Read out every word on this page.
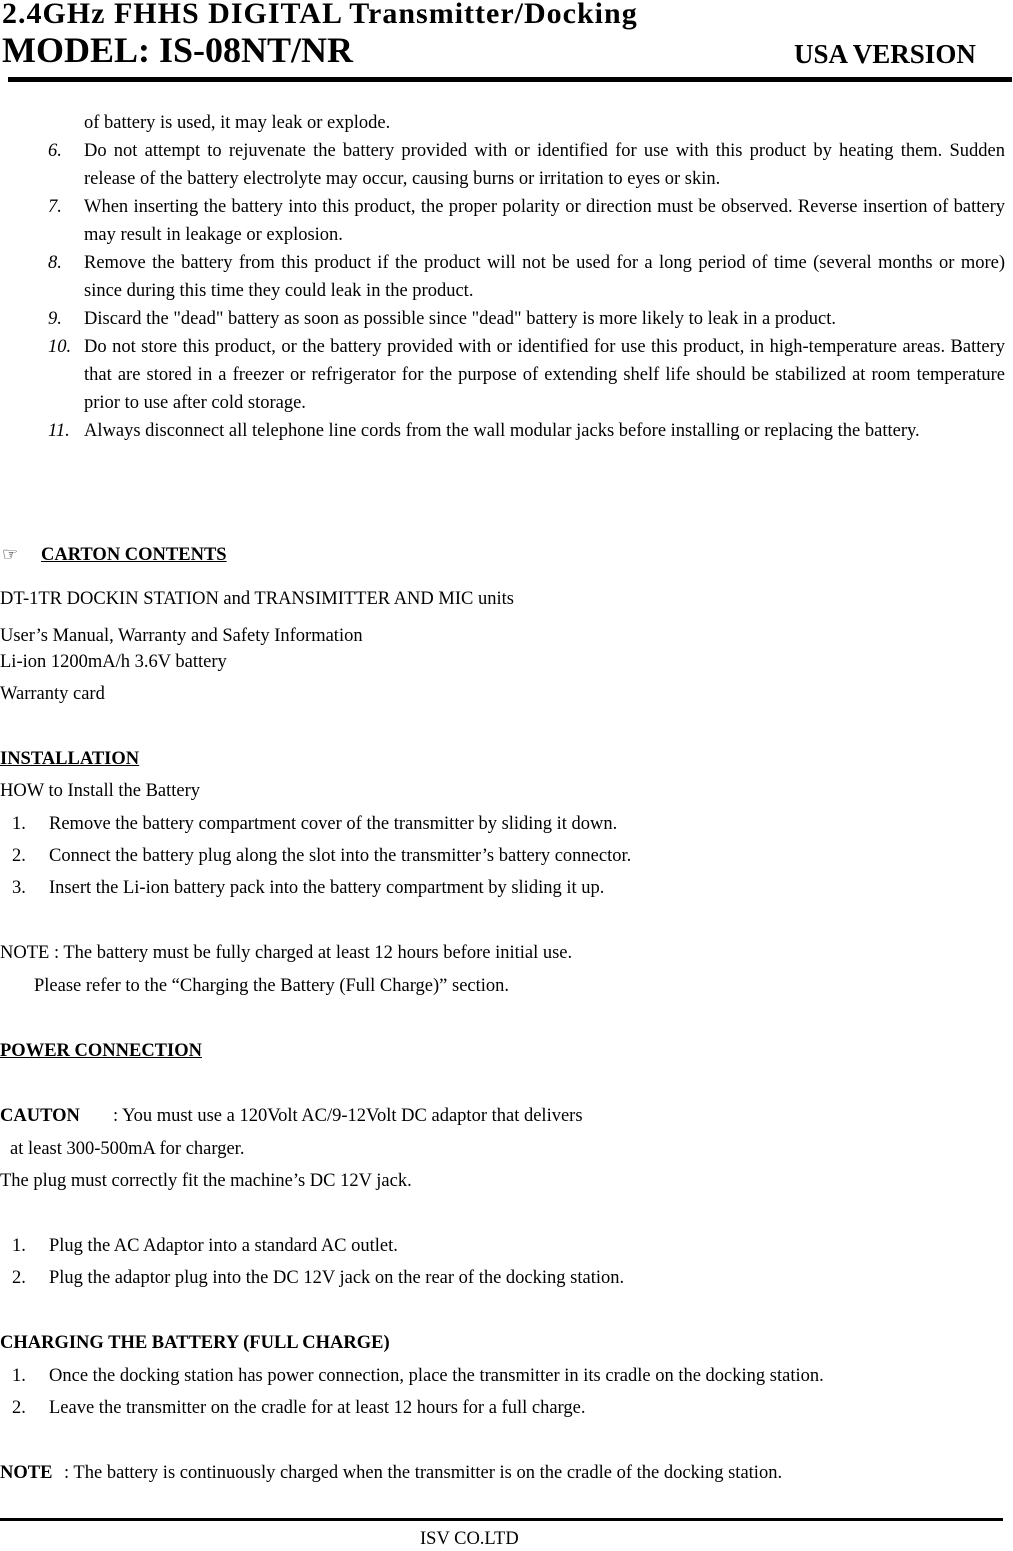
2.4GHz FHHS DIGITAL Transmitter/Docking
MODEL: IS-08NT/NR	USA VERSION
of battery is used, it may leak or explode.
6. Do not attempt to rejuvenate the battery provided with or identified for use with this product by heating them. Sudden release of the battery electrolyte may occur, causing burns or irritation to eyes or skin.
7. When inserting the battery into this product, the proper polarity or direction must be observed. Reverse insertion of battery may result in leakage or explosion.
8. Remove the battery from this product if the product will not be used for a long period of time (several months or more) since during this time they could leak in the product.
9. Discard the "dead" battery as soon as possible since "dead" battery is more likely to leak in a product.
10. Do not store this product, or the battery provided with or identified for use this product, in high-temperature areas. Battery that are stored in a freezer or refrigerator for the purpose of extending shelf life should be stabilized at room temperature prior to use after cold storage.
11. Always disconnect all telephone line cords from the wall modular jacks before installing or replacing the battery.
☞ CARTON CONTENTS
DT-1TR DOCKIN STATION and TRANSIMITTER AND MIC units
User’s Manual, Warranty and Safety Information
Li-ion 1200mA/h 3.6V battery
Warranty card
INSTALLATION
HOW to Install the Battery
1. Remove the battery compartment cover of the transmitter by sliding it down.
2. Connect the battery plug along the slot into the transmitter’s battery connector.
3. Insert the Li-ion battery pack into the battery compartment by sliding it up.
NOTE : The battery must be fully charged at least 12 hours before initial use.
Please refer to the “Charging the Battery (Full Charge)” section.
POWER CONNECTION
CAUTON : You must use a 120Volt AC/9-12Volt DC adaptor that delivers
at least 300-500mA for charger.
The plug must correctly fit the machine’s DC 12V jack.
1. Plug the AC Adaptor into a standard AC outlet.
2. Plug the adaptor plug into the DC 12V jack on the rear of the docking station.
CHARGING THE BATTERY (FULL CHARGE)
1. Once the docking station has power connection, place the transmitter in its cradle on the docking station.
2. Leave the transmitter on the cradle for at least 12 hours for a full charge.
NOTE : The battery is continuously charged when the transmitter is on the cradle of the docking station.
ISV CO.LTD
